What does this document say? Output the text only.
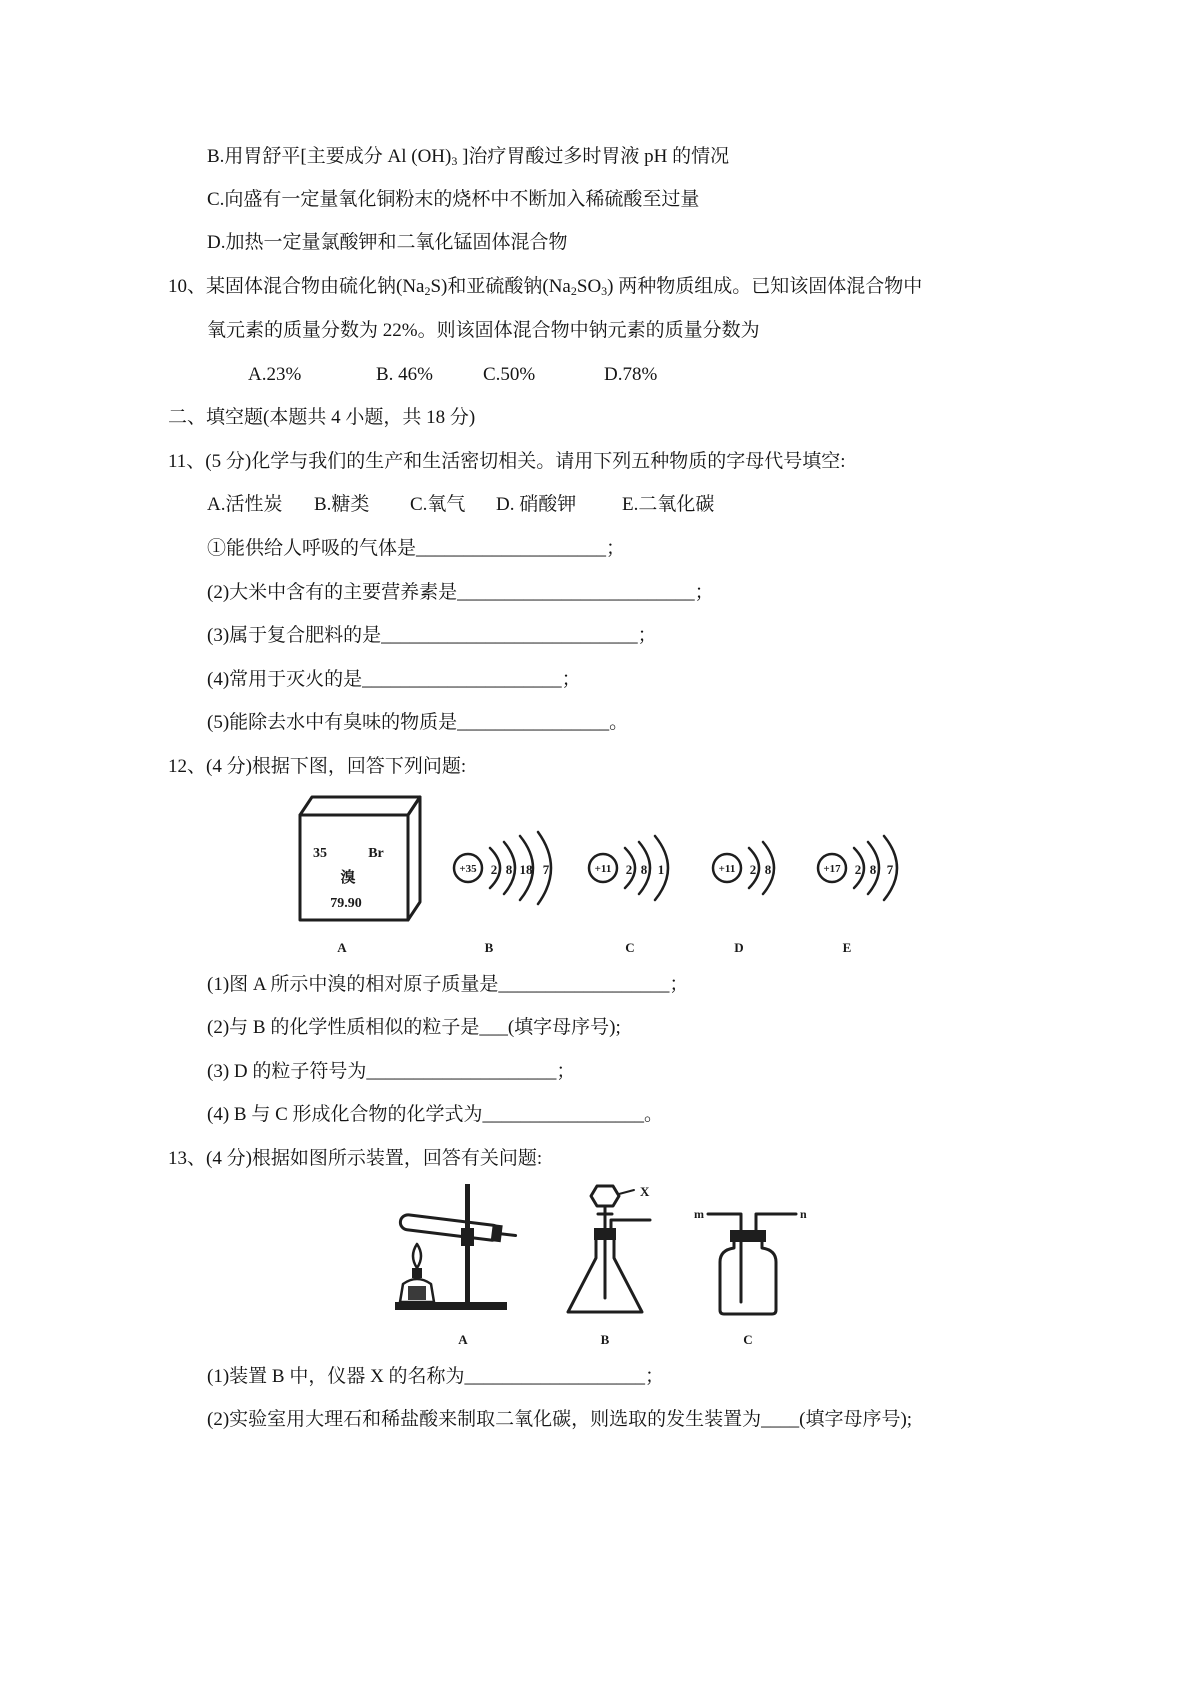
B.用胃舒平[主要成分 Al $(OH)_3$ ]治疗胃酸过多时胃液 pH 的情况
C.向盛有一定量氧化铜粉末的烧杯中不断加入稀硫酸至过量
D.加热一定量氯酸钾和二氧化锰固体混合物
10、某固体混合物由硫化钠$(Na_2S)$和亚硫酸钠$(Na_2SO_3)$ 两种物质组成。已知该固体混合物中
氧元素的质量分数为 22%。则该固体混合物中钠元素的质量分数为
A.23%	B. 46%	C.50%	D.78%
二、填空题(本题共 4 小题，共 18 分)
11、(5 分)化学与我们的生产和生活密切相关。请用下列五种物质的字母代号填空:
A.活性炭 B.糖类 C.氧气 D. 硝酸钾 E.二氧化碳
①能供给人呼吸的气体是____________________；
(2)大米中含有的主要营养素是_________________________；
(3)属于复合肥料的是___________________________；
(4)常用于灭火的是_____________________；
(5)能除去水中有臭味的物质是________________。
12、(4 分)根据下图，回答下列问题:
35	Br
溴
79.90
+35 2 8 18 7	+11 2 8 1	+11 2 8	+17 2 8 7
A	B	C	D	E
(1)图 A 所示中溴的相对原子质量是__________________；
(2)与 B 的化学性质相似的粒子是___(填字母序号);
(3) D 的粒子符号为____________________；
(4) B 与 C 形成化合物的化学式为_________________。
13、(4 分)根据如图所示装置，回答有关问题:
X
m	n
A	B	C
(1)装置 B 中，仪器 X 的名称为___________________；
(2)实验室用大理石和稀盐酸来制取二氧化碳，则选取的发生装置为____(填字母序号);
